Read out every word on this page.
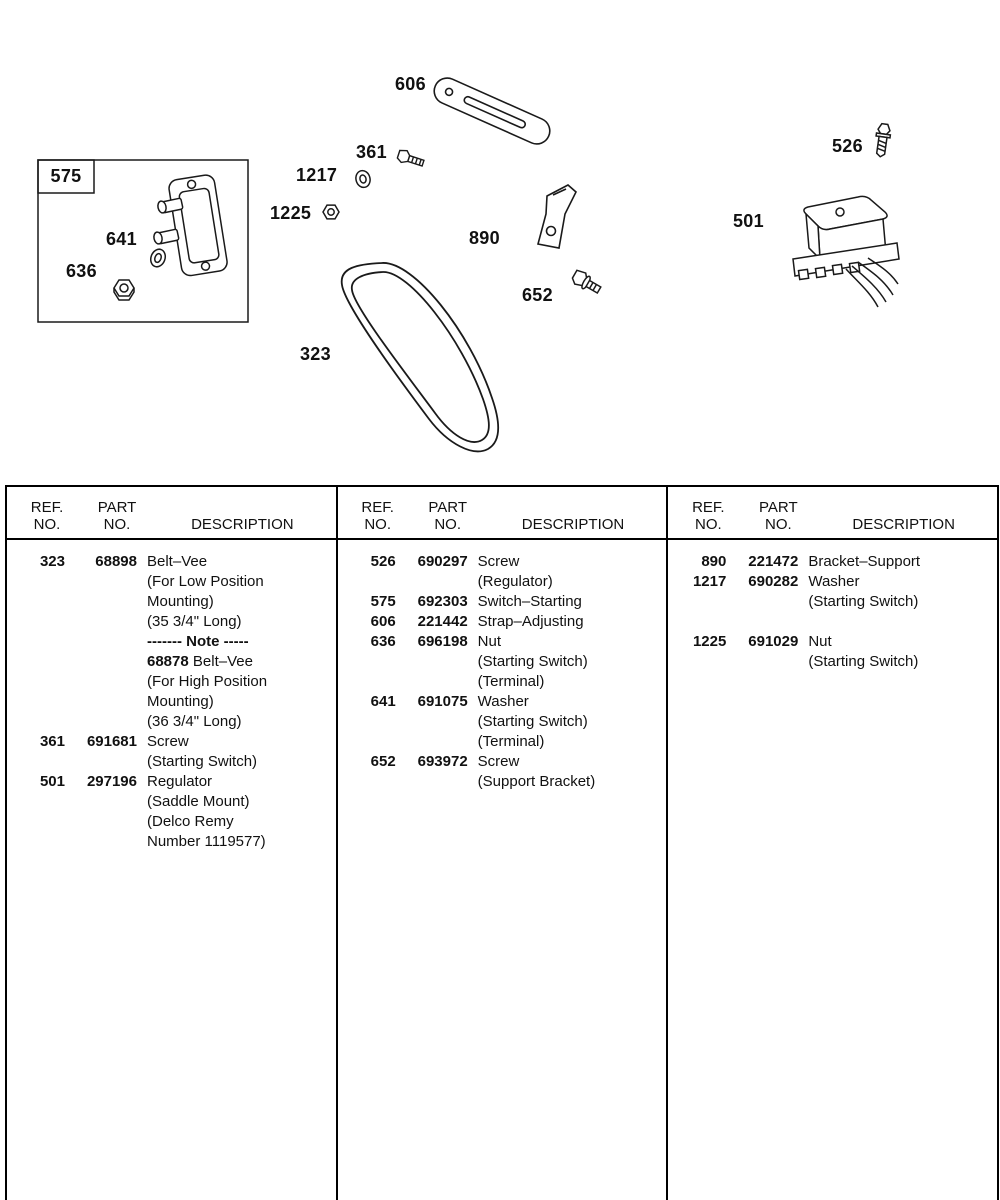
575
641
636
606
361
1217
1225
890
652
323
526
501
REF.
NO.
PART
NO.	DESCRIPTION
323	68898 Belt–Vee
(For Low Position
Mounting)
(35 3/4" Long)
------- Note -----
68878 Belt–Vee
(For High Position
Mounting)
(36 3/4" Long)
361	691681 Screw
(Starting Switch)
501	297196 Regulator
(Saddle Mount)
(Delco Remy
Number 1119577)
REF.
NO.
PART
NO.	DESCRIPTION
526	690297 Screw
(Regulator)
575	692303 Switch–Starting
606	221442 Strap–Adjusting
636	696198 Nut
(Starting Switch)
(Terminal)
641	691075 Washer
(Starting Switch)
(Terminal)
652	693972 Screw
(Support Bracket)
REF.
NO.
PART
NO.	DESCRIPTION
890	221472 Bracket–Support
1217	690282 Washer
(Starting Switch)
1225	691029 Nut
(Starting Switch)
